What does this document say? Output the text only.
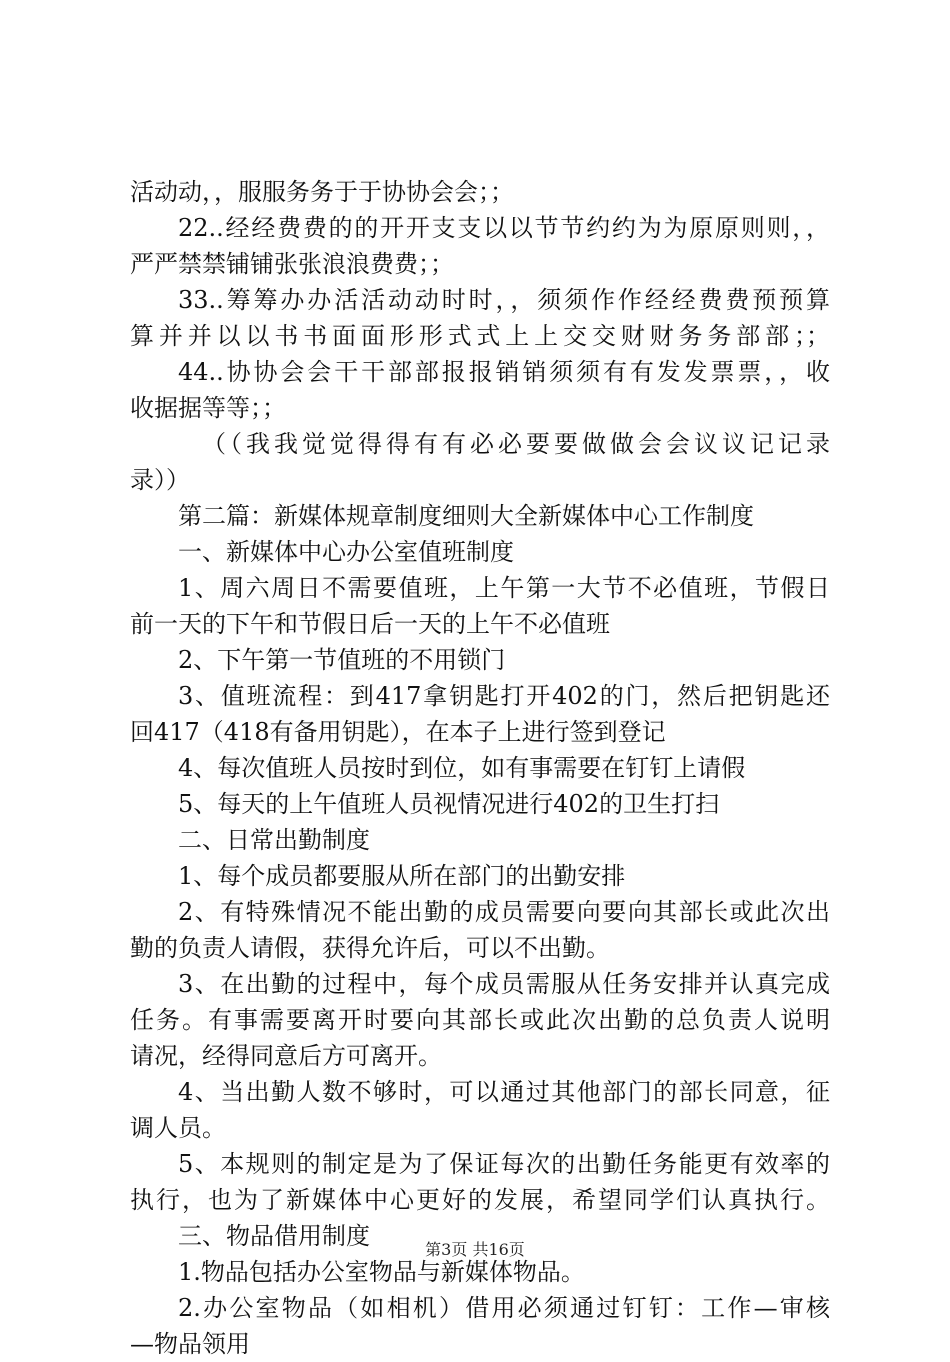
活动动，，服服务务于于协协会会；；
22..经经费费的的开开支支以以节节约约为为原原则则，，
严严禁禁铺铺张张浪浪费费；；
33..筹筹办办活活动动时时，，须须作作经经费费预预算
算并并以以书书面面形形式式上上交交财财务务部部；；
44..协协会会干干部部报报销销须须有有发发票票，，收
收据据等等；；
（（我我觉觉得得有有必必要要做做会会议议记记录
录））
第二篇：新媒体规章制度细则大全新媒体中心工作制度
一、新媒体中心办公室值班制度
1、周六周日不需要值班，上午第一大节不必值班，节假日
前一天的下午和节假日后一天的上午不必值班
2、下午第一节值班的不用锁门
3、值班流程：到417拿钥匙打开402的门，然后把钥匙还
回417（418有备用钥匙），在本子上进行签到登记
4、每次值班人员按时到位，如有事需要在钉钉上请假
5、每天的上午值班人员视情况进行402的卫生打扫
二、日常出勤制度
1、每个成员都要服从所在部门的出勤安排
2、有特殊情况不能出勤的成员需要向要向其部长或此次出
勤的负责人请假，获得允许后，可以不出勤。
3、在出勤的过程中，每个成员需服从任务安排并认真完成
任务。有事需要离开时要向其部长或此次出勤的总负责人说明
请况，经得同意后方可离开。
4、当出勤人数不够时，可以通过其他部门的部长同意，征
调人员。
5、本规则的制定是为了保证每次的出勤任务能更有效率的
执行，也为了新媒体中心更好的发展，希望同学们认真执行。
三、物品借用制度
1.物品包括办公室物品与新媒体物品。
2.办公室物品（如相机）借用必须通过钉钉：工作—审核
—物品领用
第3页 共16页
